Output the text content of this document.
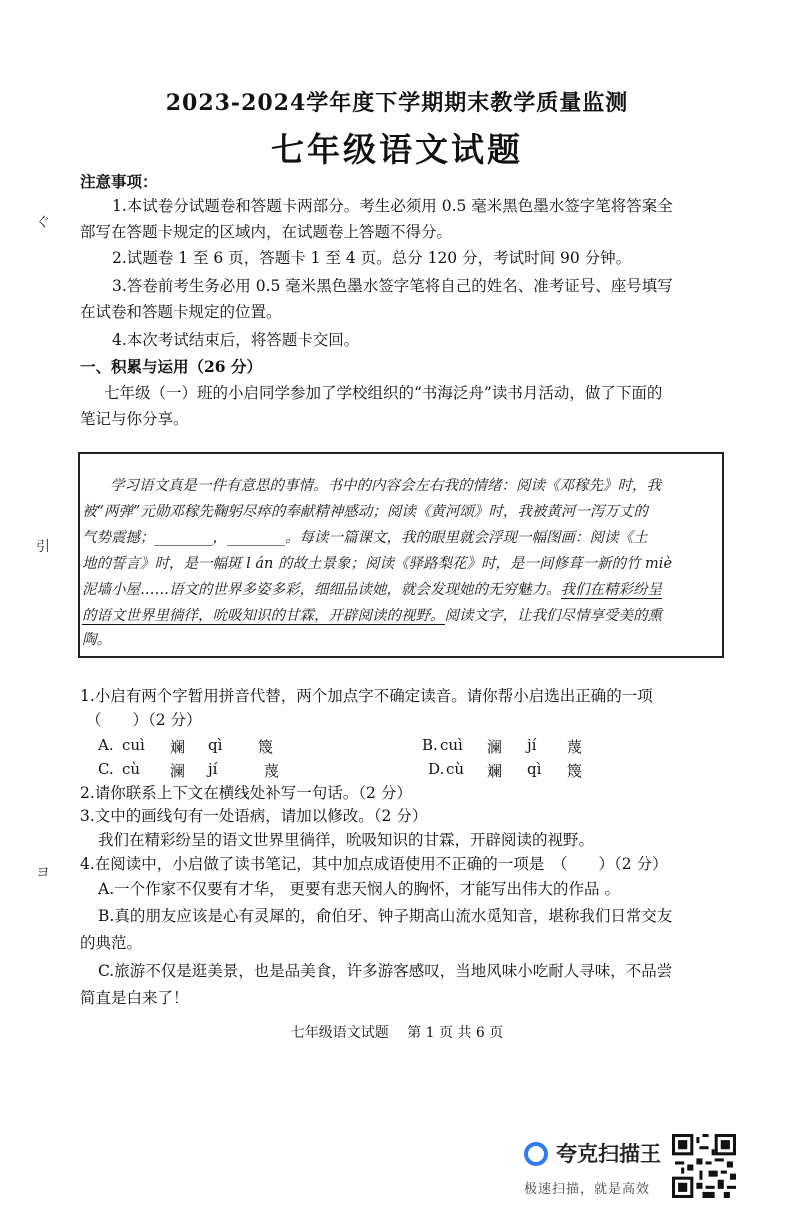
2023-2024学年度下学期期末教学质量监测
七年级语文试题
ぐ
引
ヨ
注意事项：
1.本试卷分试题卷和答题卡两部分。考生必须用 0.5 毫米黑色墨水签字笔将答案全
部写在答题卡规定的区域内，在试题卷上答题不得分。
2.试题卷 1 至 6 页，答题卡 1 至 4 页。总分 120 分，考试时间 90 分钟。
3.答卷前考生务必用 0.5 毫米黑色墨水签字笔将自己的姓名、准考证号、座号填写
在试卷和答题卡规定的位置。
4.本次考试结束后，将答题卡交回。
一、积累与运用（26 分）
七年级（一）班的小启同学参加了学校组织的“书海泛舟”读书月活动，做了下面的
笔记与你分享。
学习语文真是一件有意思的事情。书中的内容会左右我的情绪：阅读《邓稼先》时，我
被“两弹”元勋邓稼先鞠躬尽瘁的奉献精神感动；阅读《黄河颂》时，我被黄河一泻万丈的
气势震撼；________，________。每读一篇课文，我的眼里就会浮现一幅图画：阅读《土
地的誓言》时，是一幅斑 l án 的故土景象；阅读《驿路梨花》时，是一间修葺一新的竹 miè
泥墙小屋……语文的世界多姿多彩，细细品读她，就会发现她的无穷魅力。我们在精彩纷呈
的语文世界里徜徉，吮吸知识的甘霖，开辟阅读的视野。阅读文字，让我们尽情享受美的熏
陶。
1.小启有两个字暂用拼音代替，两个加点字不确定读音。请你帮小启选出正确的一项
（　　）（2 分）
A. cuì 斓 qì 篾	B. cuì 澜 jí 蔑
C. cù 澜 jí	蔑	D. cù 斓 qì 篾
2.请你联系上下文在横线处补写一句话。（2 分）
3.文中的画线句有一处语病，请加以修改。（2 分）
我们在精彩纷呈的语文世界里徜徉，吮吸知识的甘霖，开辟阅读的视野。
4.在阅读中，小启做了读书笔记，其中加点成语使用不正确的一项是　（　　）（2 分）
A.一个作家不仅要有才华， 更要有悲天悯人的胸怀，才能写出伟大的作品 。
B.真的朋友应该是心有灵犀的，俞伯牙、钟子期高山流水觅知音，堪称我们日常交友
的典范。
C.旅游不仅是逛美景，也是品美食，许多游客感叹，当地风味小吃耐人寻味，不品尝
简直是白来了！
七年级语文试题　 第 1 页 共 6 页
夸克扫描王
极速扫描，就是高效
